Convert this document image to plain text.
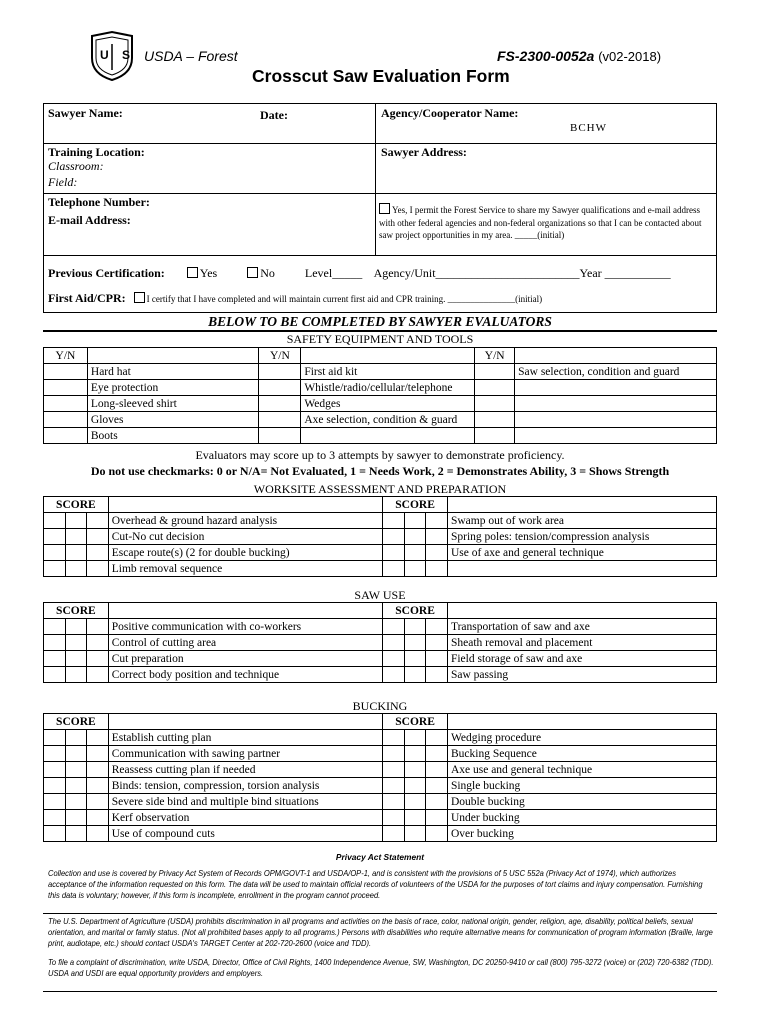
U S USDA – Forest	FS-2300-0052a (v02-2018)
Crosscut Saw Evaluation Form
Sawyer Name:	Date:	Agency/Cooperator Name:
BCHW
Training Location:
Classroom:
Field:
Sawyer Address:
Telephone Number:
E-mail Address:
Yes, I permit the Forest Service to share my Sawyer qualifications and e-mail address with other federal agencies and non-federal organizations so that I can be contacted about saw project opportunities in my area. _____(initial)
Previous Certification:	Yes	No	Level_____ Agency/Unit________________________Year ___________
First Aid/CPR: I certify that I have completed and will maintain current first aid and CPR training. _______________(initial)
BELOW TO BE COMPLETED BY SAWYER EVALUATORS
SAFETY EQUIPMENT AND TOOLS
Y/N		Y/N		Y/N	
	Hard hat		First aid kit		Saw selection, condition and guard
	Eye protection		Whistle/radio/cellular/telephone		
	Long-sleeved shirt		Wedges		
	Gloves		Axe selection, condition & guard		
	Boots				
Evaluators may score up to 3 attempts by sawyer to demonstrate proficiency.
Do not use checkmarks: 0 or N/A= Not Evaluated, 1 = Needs Work, 2 = Demonstrates Ability, 3 = Shows Strength
WORKSITE ASSESSMENT AND PREPARATION
SCORE				SCORE			
			Overhead & ground hazard analysis				Swamp out of work area
			Cut-No cut decision				Spring poles: tension/compression analysis
			Escape route(s) (2 for double bucking)				Use of axe and general technique
			Limb removal sequence				
SAW USE
SCORE				SCORE			
			Positive communication with co-workers				Transportation of saw and axe
			Control of cutting area				Sheath removal and placement
			Cut preparation				Field storage of saw and axe
			Correct body position and technique				Saw passing
BUCKING
SCORE				SCORE			
			Establish cutting plan				Wedging procedure
			Communication with sawing partner				Bucking Sequence
			Reassess cutting plan if needed				Axe use and general technique
			Binds: tension, compression, torsion analysis				Single bucking
			Severe side bind and multiple bind situations				Double bucking
			Kerf observation				Under bucking
			Use of compound cuts				Over bucking
Privacy Act Statement
Collection and use is covered by Privacy Act System of Records OPM/GOVT-1 and USDA/OP-1, and is consistent with the provisions of 5 USC 552a (Privacy Act of 1974), which authorizes acceptance of the information requested on this form. The data will be used to maintain official records of volunteers of the USDA for the purposes of tort claims and injury compensation. Furnishing this data is voluntary; however, if this form is incomplete, enrollment in the program cannot proceed.
The U.S. Department of Agriculture (USDA) prohibits discrimination in all programs and activities on the basis of race, color, national origin, gender, religion, age, disability, political beliefs, sexual orientation, and marital or family status. (Not all prohibited bases apply to all programs.) Persons with disabilities who require alternative means for communication of program information (Braille, large print, audiotape, etc.) should contact USDA's TARGET Center at 202-720-2600 (voice and TDD).
To file a complaint of discrimination, write USDA, Director, Office of Civil Rights, 1400 Independence Avenue, SW, Washington, DC 20250-9410 or call (800) 795-3272 (voice) or (202) 720-6382 (TDD). USDA and USDI are equal opportunity providers and employers.
